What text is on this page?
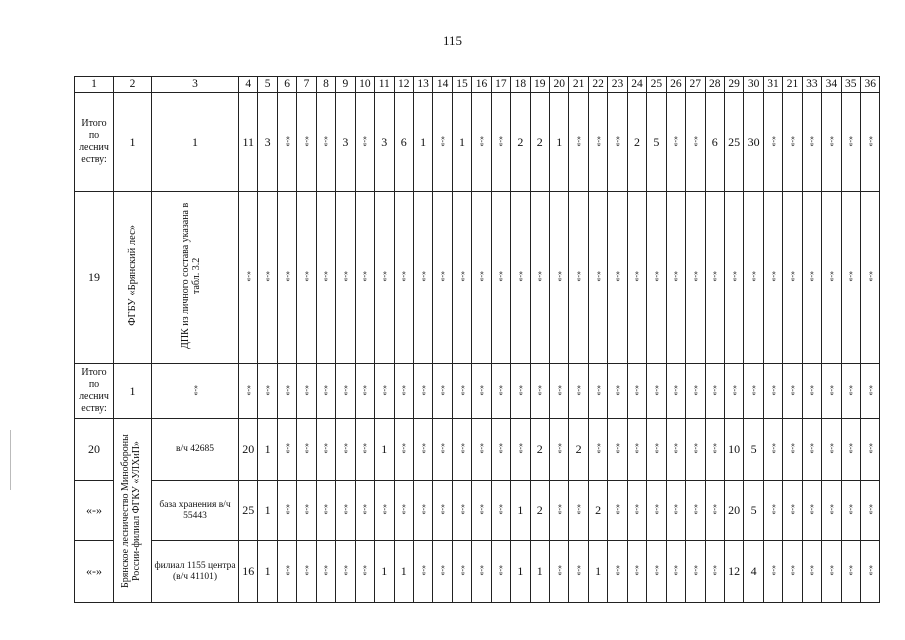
115
1	2	3	4	5	6	7	8	9	10	11	12	13	14	15	16	17	18	19	20	21	22	23	24	25	26	27	28	29	30	31	21	33	34	35	36
Итого по леснич еству:	1	1	11	3	«-»	«-»	«-»	3	«-»	3	6	1	«-»	1	«-»	«-»	2	2	1	«-»	«-»	«-»	2	5	«-»	«-»	6	25	30	«-»	«-»	«-»	«-»	«-»	«-»
19	ФГБУ «Брянский лес»	ДПК из личного состава указана в табл. 3.2	«-»	«-»	«-»	«-»	«-»	«-»	«-»	«-»	«-»	«-»	«-»	«-»	«-»	«-»	«-»	«-»	«-»	«-»	«-»	«-»	«-»	«-»	«-»	«-»	«-»	«-»	«-»	«-»	«-»	«-»	«-»	«-»	«-»
Итого по леснич еству:	1	«-»	«-»	«-»	«-»	«-»	«-»	«-»	«-»	«-»	«-»	«-»	«-»	«-»	«-»	«-»	«-»	«-»	«-»	«-»	«-»	«-»	«-»	«-»	«-»	«-»	«-»	«-»	«-»	«-»	«-»	«-»	«-»	«-»	«-»
20	Брянское лесничество Минобороны России-филиал ФГКУ «УЛХиП»	в/ч 42685	20	1	«-»	«-»	«-»	«-»	«-»	1	«-»	«-»	«-»	«-»	«-»	«-»	«-»	2	«-»	2	«-»	«-»	«-»	«-»	«-»	«-»	«-»	10	5	«-»	«-»	«-»	«-»	«-»	«-»
«-»		база хранения в/ч 55443	25	1	«-»	«-»	«-»	«-»	«-»	«-»	«-»	«-»	«-»	«-»	«-»	«-»	1	2	«-»	«-»	2	«-»	«-»	«-»	«-»	«-»	«-»	20	5	«-»	«-»	«-»	«-»	«-»	«-»
«-»		филиал 1155 центра (в/ч 41101)	16	1	«-»	«-»	«-»	«-»	«-»	1	1	«-»	«-»	«-»	«-»	«-»	1	1	«-»	«-»	1	«-»	«-»	«-»	«-»	«-»	«-»	12	4	«-»	«-»	«-»	«-»	«-»	«-»
